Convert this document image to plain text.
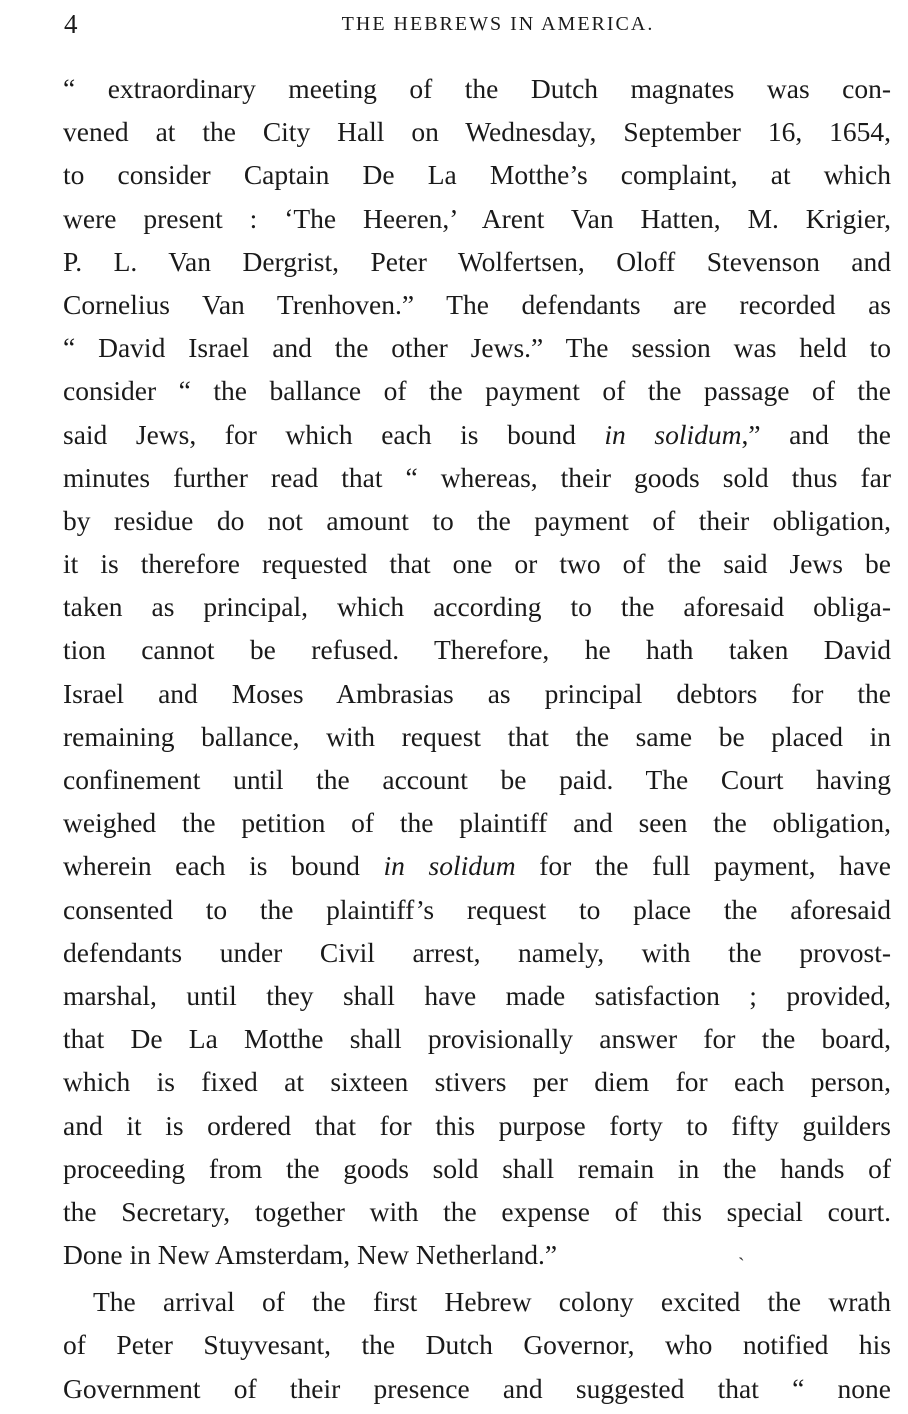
4	THE HEBREWS IN AMERICA.
“ extraordinary meeting of the Dutch magnates was con-
vened at the City Hall on Wednesday, September 16, 1654,
to consider Captain De La Motthe’s complaint, at which
were present : ‘The Heeren,’ Arent Van Hatten, M. Krigier,
P. L. Van Dergrist, Peter Wolfertsen, Oloff Stevenson and
Cornelius Van Trenhoven.” The defendants are recorded as
“ David Israel and the other Jews.” The session was held to
consider “ the ballance of the payment of the passage of the
said Jews, for which each is bound in solidum,” and the
minutes further read that “ whereas, their goods sold thus far
by residue do not amount to the payment of their obligation,
it is therefore requested that one or two of the said Jews be
taken as principal, which according to the aforesaid obliga-
tion cannot be refused. Therefore, he hath taken David
Israel and Moses Ambrasias as principal debtors for the
remaining ballance, with request that the same be placed in
confinement until the account be paid. The Court having
weighed the petition of the plaintiff and seen the obligation,
wherein each is bound in solidum for the full payment, have
consented to the plaintiff’s request to place the aforesaid
defendants under Civil arrest, namely, with the provost-
marshal, until they shall have made satisfaction ; provided,
that De La Motthe shall provisionally answer for the board,
which is fixed at sixteen stivers per diem for each person,
and it is ordered that for this purpose forty to fifty guilders
proceeding from the goods sold shall remain in the hands of
the Secretary, together with the expense of this special court.
Done in New Amsterdam, New Netherland.”
The arrival of the first Hebrew colony excited the wrath
of Peter Stuyvesant, the Dutch Governor, who notified his
Government of their presence and suggested that “ none
ˏ
